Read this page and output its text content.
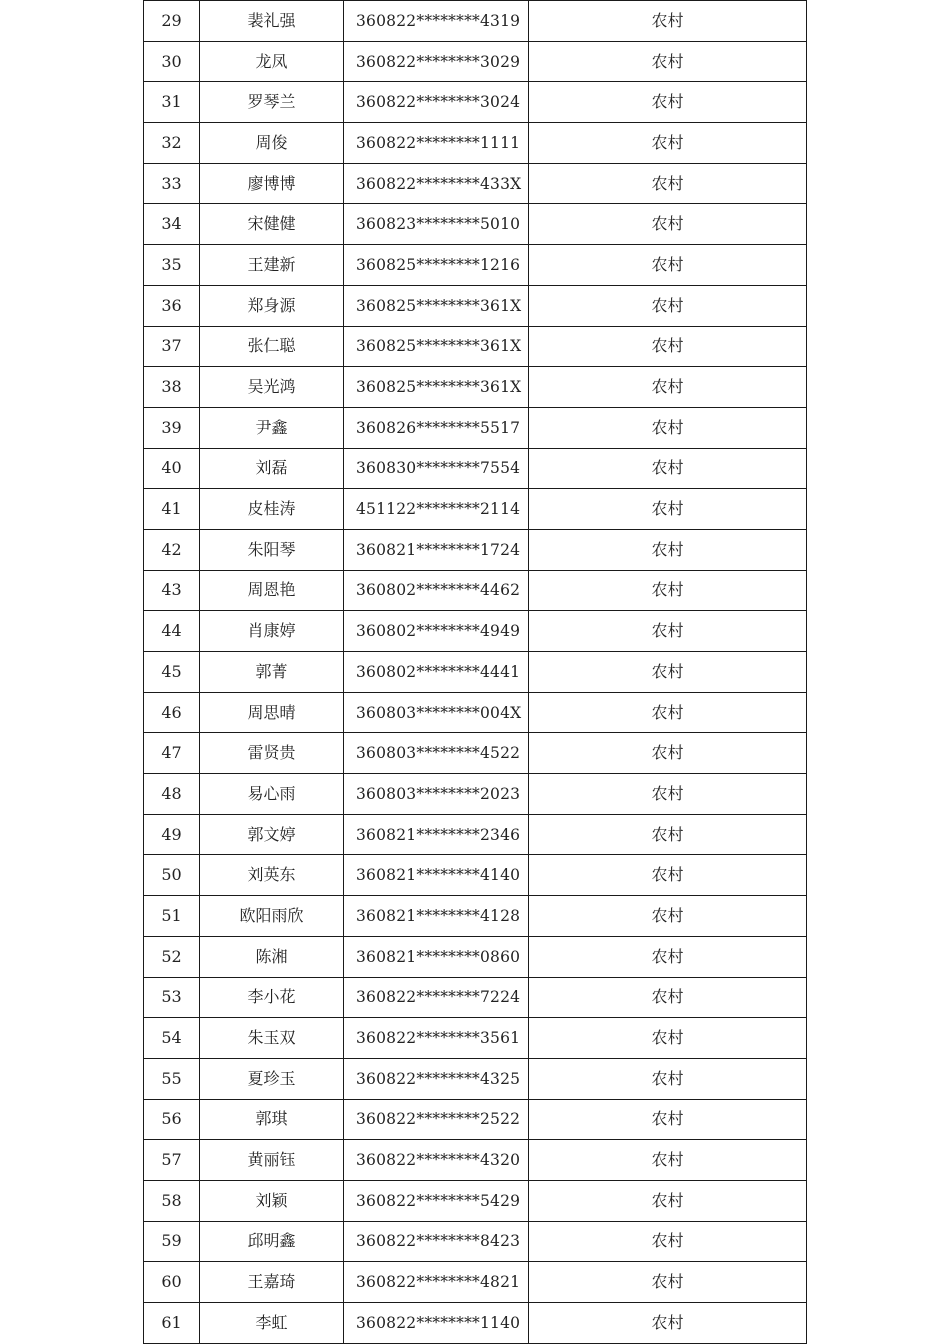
29	裴礼强	360822********4319	农村
30	龙凤	360822********3029	农村
31	罗琴兰	360822********3024	农村
32	周俊	360822********1111	农村
33	廖博博	360822********433X	农村
34	宋健健	360823********5010	农村
35	王建新	360825********1216	农村
36	郑身源	360825********361X	农村
37	张仁聪	360825********361X	农村
38	吴光鸿	360825********361X	农村
39	尹鑫	360826********5517	农村
40	刘磊	360830********7554	农村
41	皮桂涛	451122********2114	农村
42	朱阳琴	360821********1724	农村
43	周恩艳	360802********4462	农村
44	肖康婷	360802********4949	农村
45	郭菁	360802********4441	农村
46	周思晴	360803********004X	农村
47	雷贤贵	360803********4522	农村
48	易心雨	360803********2023	农村
49	郭文婷	360821********2346	农村
50	刘英东	360821********4140	农村
51	欧阳雨欣	360821********4128	农村
52	陈湘	360821********0860	农村
53	李小花	360822********7224	农村
54	朱玉双	360822********3561	农村
55	夏珍玉	360822********4325	农村
56	郭琪	360822********2522	农村
57	黄丽钰	360822********4320	农村
58	刘颖	360822********5429	农村
59	邱明鑫	360822********8423	农村
60	王嘉琦	360822********4821	农村
61	李虹	360822********1140	农村
